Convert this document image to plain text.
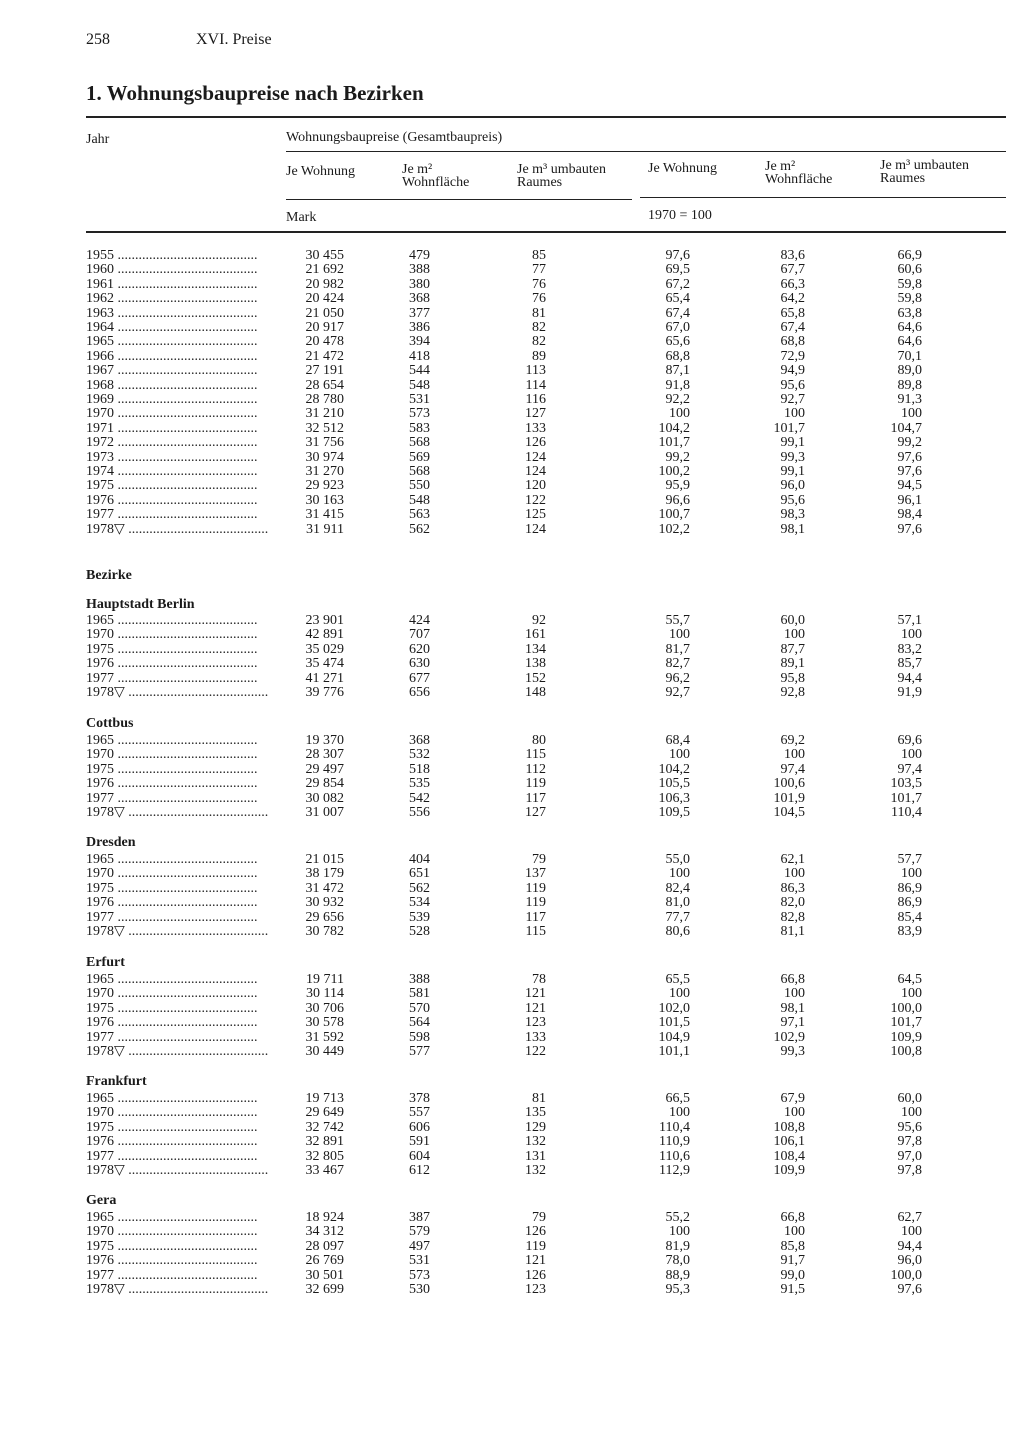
258	XVI. Preise
1. Wohnungsbaupreise nach Bezirken
Jahr	Wohnungsbaupreise (Gesamtbaupreis)
Je Wohnung	Je m²
Wohnfläche
Je m³ umbauten
Raumes
Je Wohnung	Je m²
Wohnfläche
Je m³ umbauten
Raumes
Mark	1970 = 100
Bezirke
1955 ........................................	30 455	479	85	97,6	83,6	66,9
1960 ........................................	21 692	388	77	69,5	67,7	60,6
1961 ........................................	20 982	380	76	67,2	66,3	59,8
1962 ........................................	20 424	368	76	65,4	64,2	59,8
1963 ........................................	21 050	377	81	67,4	65,8	63,8
1964 ........................................	20 917	386	82	67,0	67,4	64,6
1965 ........................................	20 478	394	82	65,6	68,8	64,6
1966 ........................................	21 472	418	89	68,8	72,9	70,1
1967 ........................................	27 191	544	113	87,1	94,9	89,0
1968 ........................................	28 654	548	114	91,8	95,6	89,8
1969 ........................................	28 780	531	116	92,2	92,7	91,3
1970 ........................................	31 210	573	127	100	100	100
1971 ........................................	32 512	583	133	104,2	101,7	104,7
1972 ........................................	31 756	568	126	101,7	99,1	99,2
1973 ........................................	30 974	569	124	99,2	99,3	97,6
1974 ........................................	31 270	568	124	100,2	99,1	97,6
1975 ........................................	29 923	550	120	95,9	96,0	94,5
1976 ........................................	30 163	548	122	96,6	95,6	96,1
1977 ........................................	31 415	563	125	100,7	98,3	98,4
1978▽ ........................................	31 911	562	124	102,2	98,1	97,6
Hauptstadt Berlin
1965 ........................................	23 901	424	92	55,7	60,0	57,1
1970 ........................................	42 891	707	161	100	100	100
1975 ........................................	35 029	620	134	81,7	87,7	83,2
1976 ........................................	35 474	630	138	82,7	89,1	85,7
1977 ........................................	41 271	677	152	96,2	95,8	94,4
1978▽ ........................................	39 776	656	148	92,7	92,8	91,9
Cottbus
1965 ........................................	19 370	368	80	68,4	69,2	69,6
1970 ........................................	28 307	532	115	100	100	100
1975 ........................................	29 497	518	112	104,2	97,4	97,4
1976 ........................................	29 854	535	119	105,5	100,6	103,5
1977 ........................................	30 082	542	117	106,3	101,9	101,7
1978▽ ........................................	31 007	556	127	109,5	104,5	110,4
Dresden
1965 ........................................	21 015	404	79	55,0	62,1	57,7
1970 ........................................	38 179	651	137	100	100	100
1975 ........................................	31 472	562	119	82,4	86,3	86,9
1976 ........................................	30 932	534	119	81,0	82,0	86,9
1977 ........................................	29 656	539	117	77,7	82,8	85,4
1978▽ ........................................	30 782	528	115	80,6	81,1	83,9
Erfurt
1965 ........................................	19 711	388	78	65,5	66,8	64,5
1970 ........................................	30 114	581	121	100	100	100
1975 ........................................	30 706	570	121	102,0	98,1	100,0
1976 ........................................	30 578	564	123	101,5	97,1	101,7
1977 ........................................	31 592	598	133	104,9	102,9	109,9
1978▽ ........................................	30 449	577	122	101,1	99,3	100,8
Frankfurt
1965 ........................................	19 713	378	81	66,5	67,9	60,0
1970 ........................................	29 649	557	135	100	100	100
1975 ........................................	32 742	606	129	110,4	108,8	95,6
1976 ........................................	32 891	591	132	110,9	106,1	97,8
1977 ........................................	32 805	604	131	110,6	108,4	97,0
1978▽ ........................................	33 467	612	132	112,9	109,9	97,8
Gera
1965 ........................................	18 924	387	79	55,2	66,8	62,7
1970 ........................................	34 312	579	126	100	100	100
1975 ........................................	28 097	497	119	81,9	85,8	94,4
1976 ........................................	26 769	531	121	78,0	91,7	96,0
1977 ........................................	30 501	573	126	88,9	99,0	100,0
1978▽ ........................................	32 699	530	123	95,3	91,5	97,6
